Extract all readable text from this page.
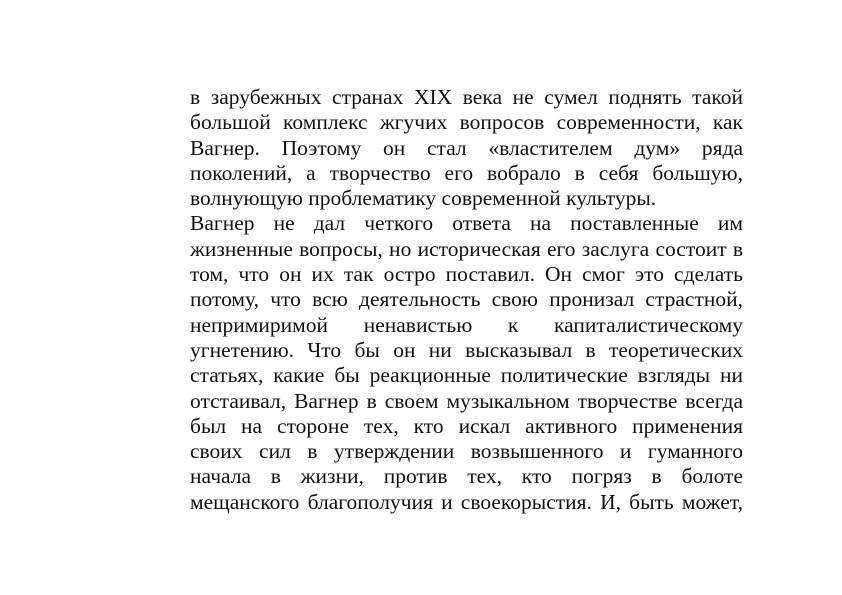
в зарубежных странах XIX века не сумел поднять такой
большой комплекс жгучих вопросов современности, как
Вагнер. Поэтому он стал «властителем дум» ряда
поколений, а творчество его вобрало в себя большую,
волнующую проблематику современной культуры.
Вагнер не дал четкого ответа на поставленные им
жизненные вопросы, но историческая его заслуга состоит в
том, что он их так остро поставил. Он смог это сделать
потому, что всю деятельность свою пронизал страстной,
непримиримой ненавистью к капиталистическому
угнетению. Что бы он ни высказывал в теоретических
статьях, какие бы реакционные политические взгляды ни
отстаивал, Вагнер в своем музыкальном творчестве всегда
был на стороне тех, кто искал активного применения
своих сил в утверждении возвышенного и гуманного
начала в жизни, против тех, кто погряз в болоте
мещанского благополучия и своекорыстия. И, быть может,
